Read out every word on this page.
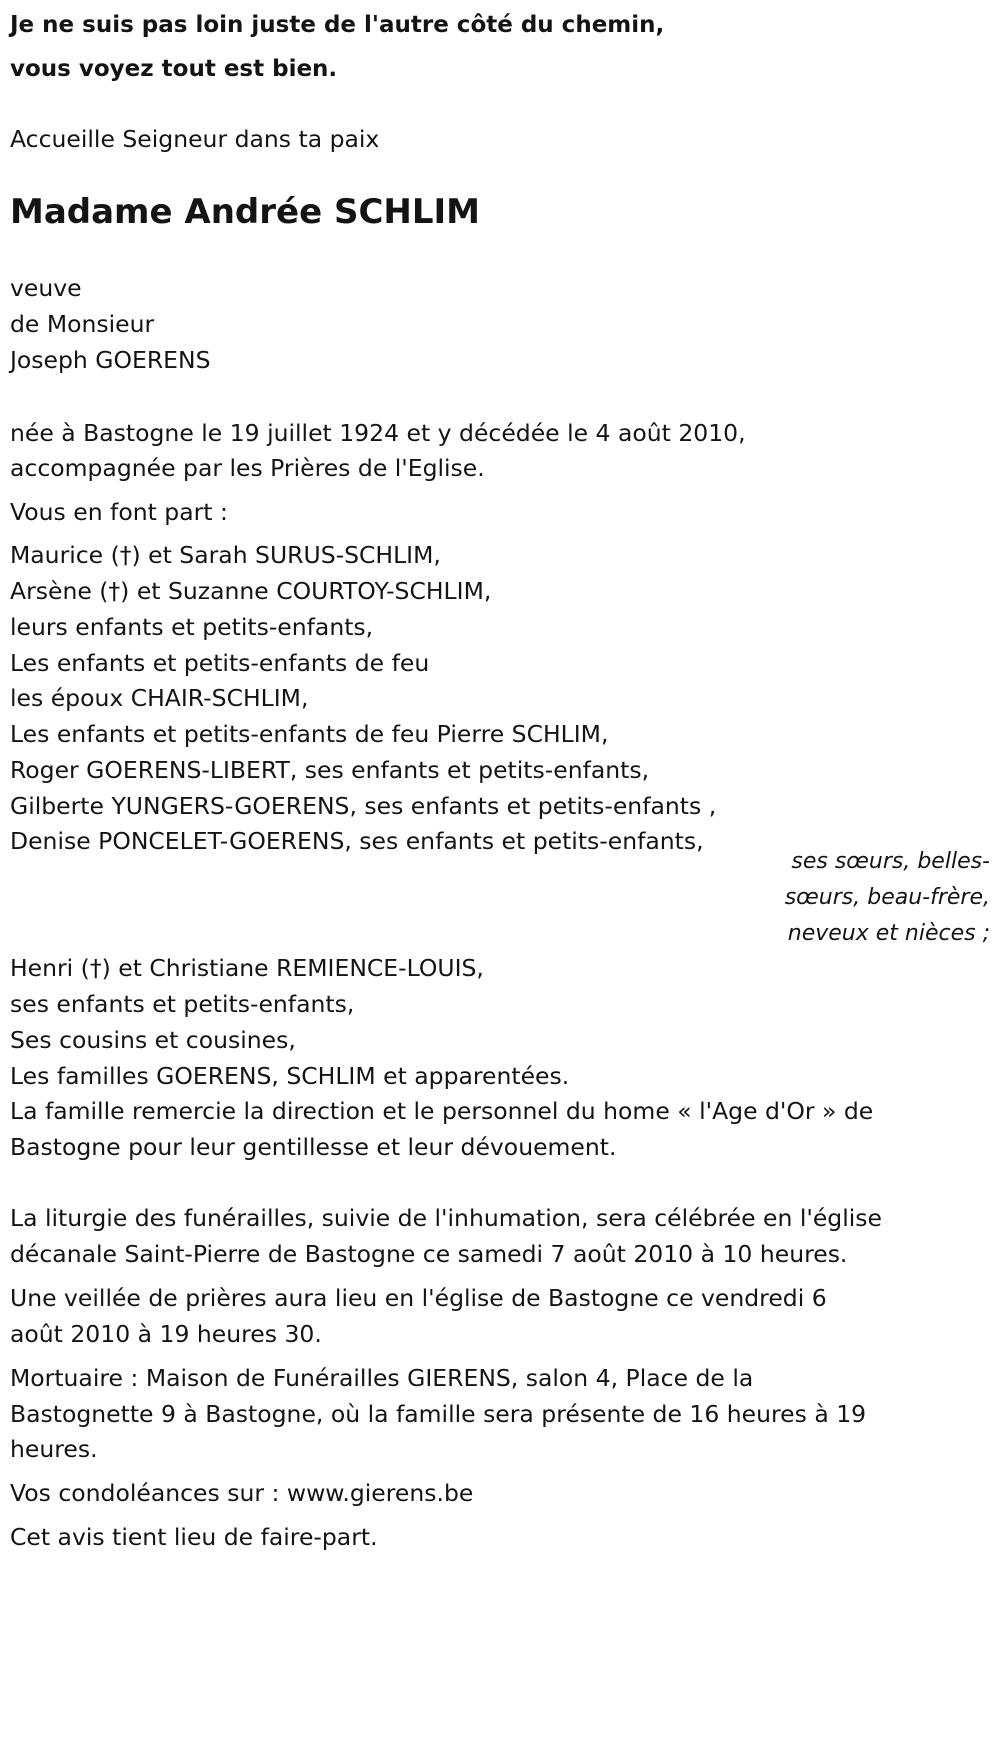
Je ne suis pas loin juste de l'autre côté du chemin,
vous voyez tout est bien.
Accueille Seigneur dans ta paix
Madame Andrée SCHLIM
veuve
de Monsieur
Joseph GOERENS
née à Bastogne le 19 juillet 1924 et y décédée le 4 août 2010,
accompagnée par les Prières de l'Eglise.
Vous en font part :
Maurice (†) et Sarah SURUS-SCHLIM,
Arsène (†) et Suzanne COURTOY-SCHLIM,
leurs enfants et petits-enfants,
Les enfants et petits-enfants de feu
les époux CHAIR-SCHLIM,
Les enfants et petits-enfants de feu Pierre SCHLIM,
Roger GOERENS-LIBERT, ses enfants et petits-enfants,
Gilberte YUNGERS-GOERENS, ses enfants et petits-enfants ,
Denise PONCELET-GOERENS, ses enfants et petits-enfants,
ses sœurs, belles-
sœurs, beau-frère,
neveux et nièces ;
Henri (†) et Christiane REMIENCE-LOUIS,
ses enfants et petits-enfants,
Ses cousins et cousines,
Les familles GOERENS, SCHLIM et apparentées.
La famille remercie la direction et le personnel du home « l'Age d'Or » de
Bastogne pour leur gentillesse et leur dévouement.
La liturgie des funérailles, suivie de l'inhumation, sera célébrée en l'église
décanale Saint-Pierre de Bastogne ce samedi 7 août 2010 à 10 heures.
Une veillée de prières aura lieu en l'église de Bastogne ce vendredi 6
août 2010 à 19 heures 30.
Mortuaire : Maison de Funérailles GIERENS, salon 4, Place de la
Bastognette 9 à Bastogne, où la famille sera présente de 16 heures à 19
heures.
Vos condoléances sur : www.gierens.be
Cet avis tient lieu de faire-part.
